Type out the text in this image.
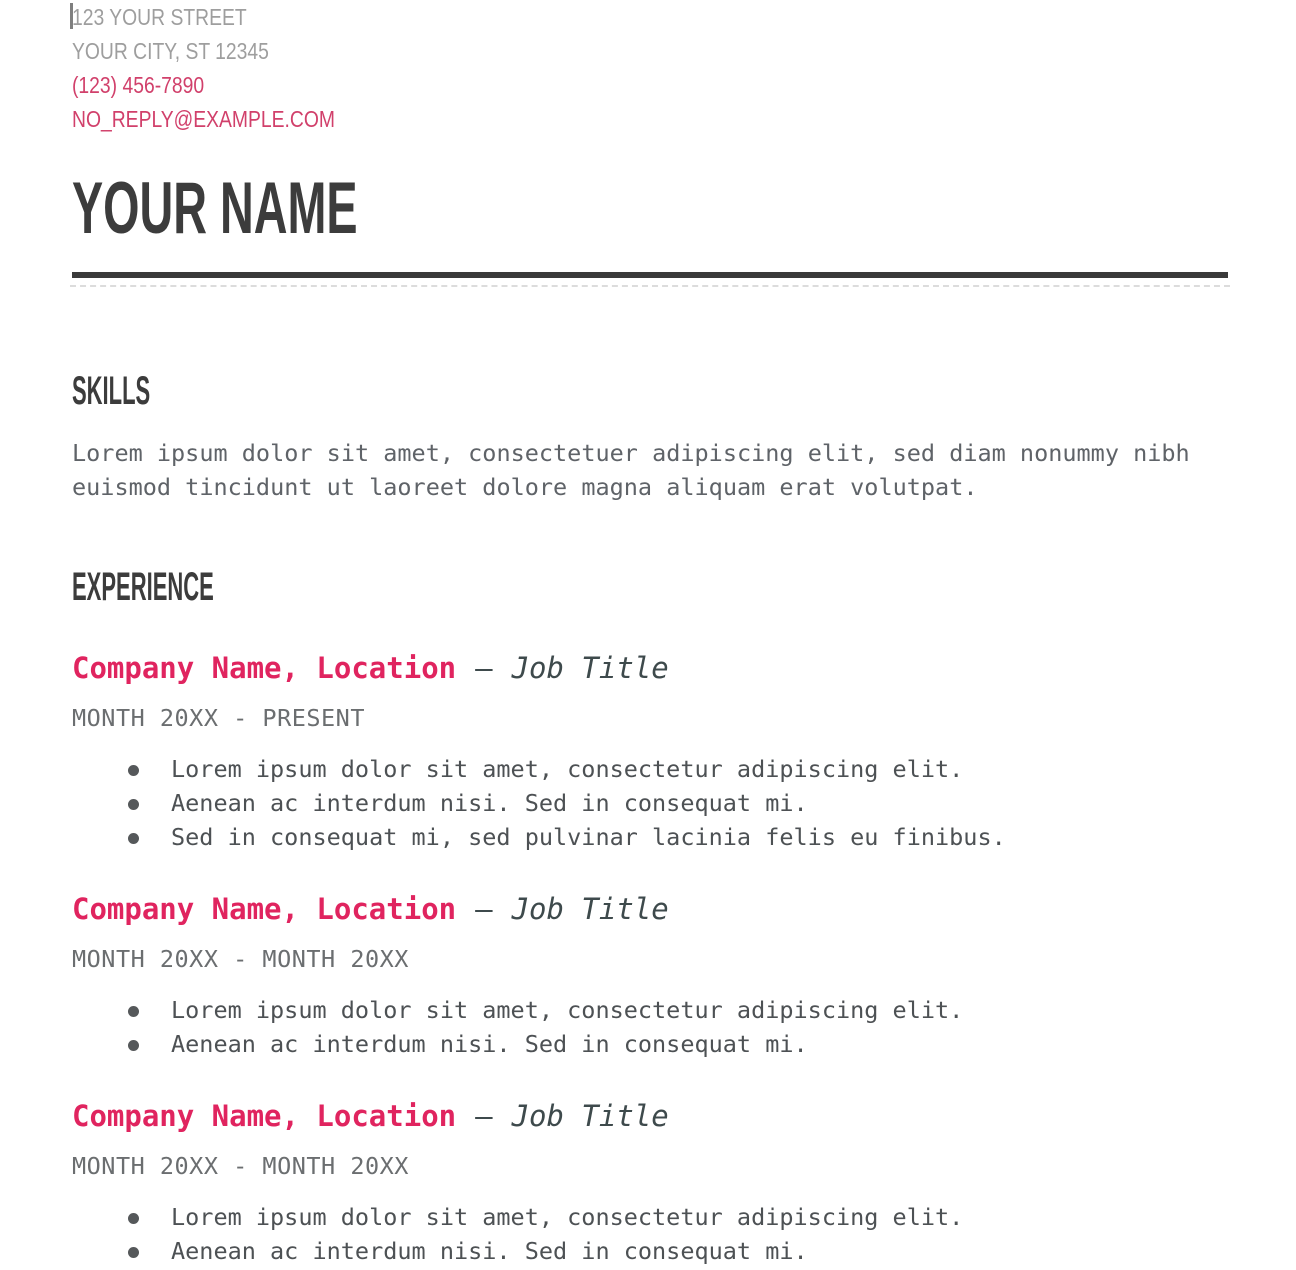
123 YOUR STREET
YOUR CITY, ST 12345
(123) 456-7890
NO_REPLY@EXAMPLE.COM
YOUR NAME
SKILLS

Lorem ipsum dolor sit amet, consectetuer adipiscing elit, sed diam nonummy nibh euismod tincidunt ut laoreet dolore magna aliquam erat volutpat.

EXPERIENCE
Company Name, Location — Job Title
MONTH 20XX - PRESENT
Lorem ipsum dolor sit amet, consectetur adipiscing elit.
Aenean ac interdum nisi. Sed in consequat mi.
Sed in consequat mi, sed pulvinar lacinia felis eu finibus.
Company Name, Location — Job Title
MONTH 20XX - MONTH 20XX
Lorem ipsum dolor sit amet, consectetur adipiscing elit.
Aenean ac interdum nisi. Sed in consequat mi.
Company Name, Location — Job Title
MONTH 20XX - MONTH 20XX
Lorem ipsum dolor sit amet, consectetur adipiscing elit.
Aenean ac interdum nisi. Sed in consequat mi.
